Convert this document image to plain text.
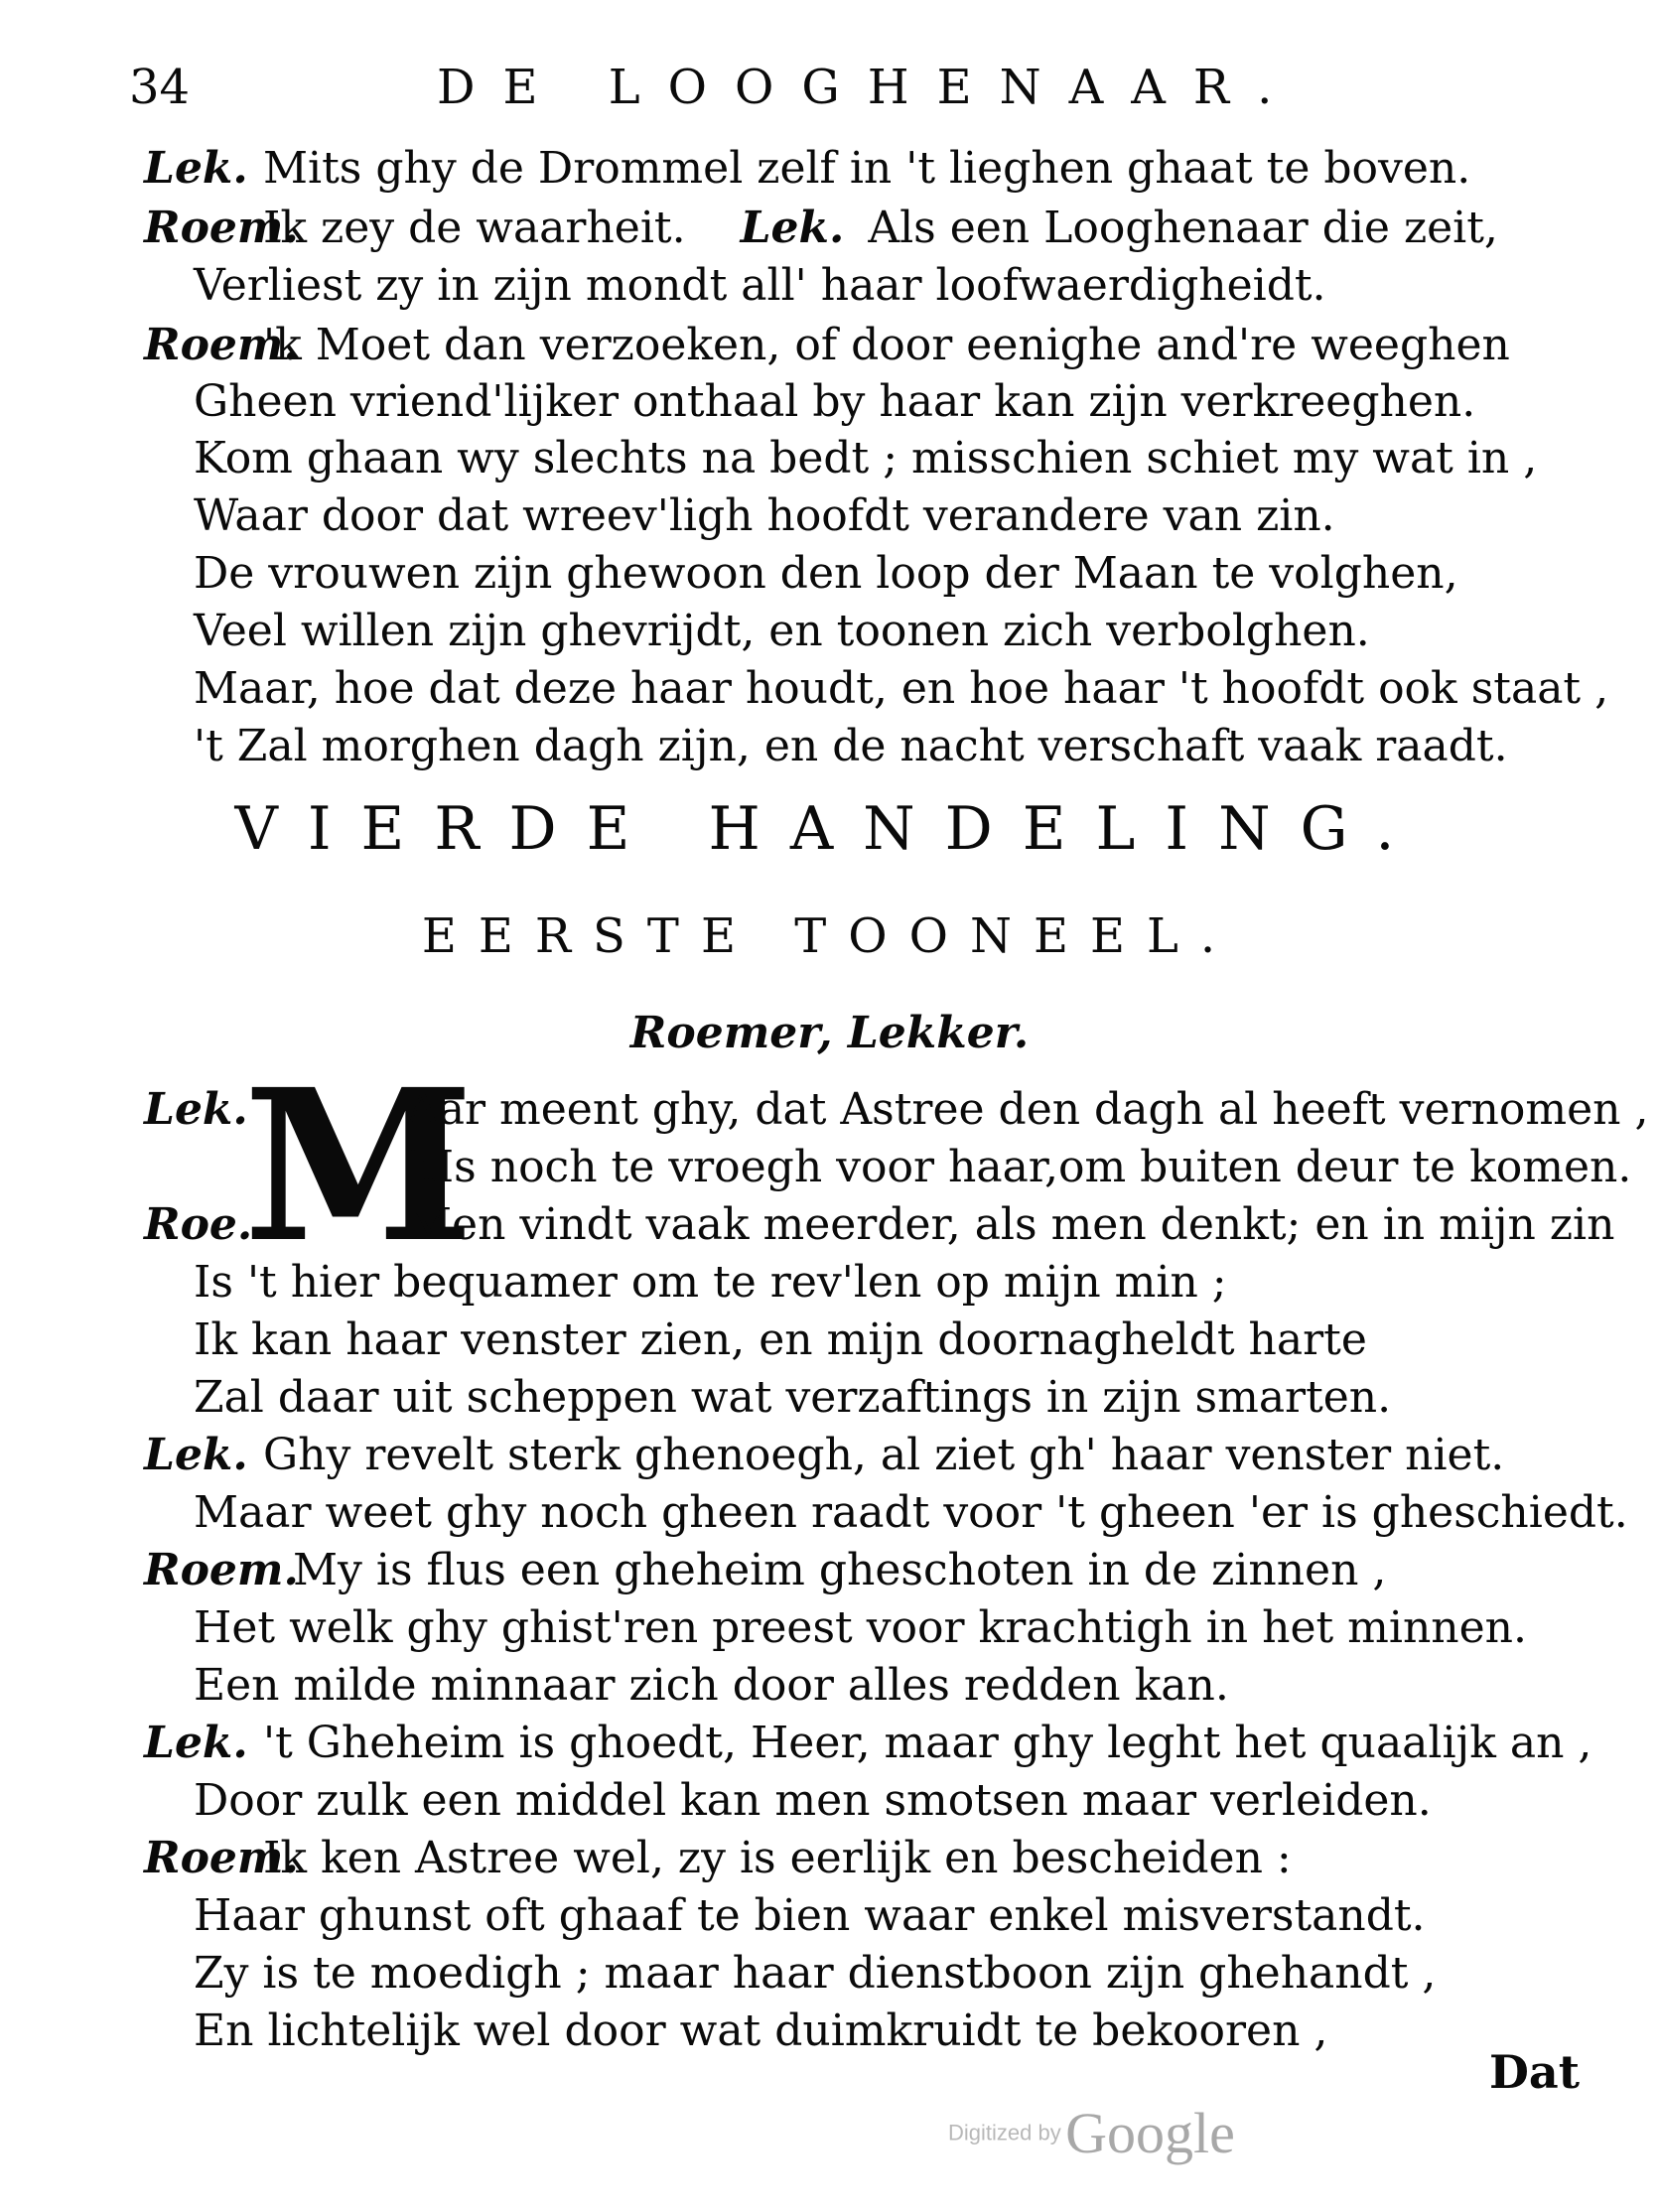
34	DE LOOGHENAAR.
Lek. Mits ghy de Drommel zelf in 't lieghen ghaat te boven.
Roem.Ik zey de waarheit. Lek. Als een Looghenaar die zeit,
Verliest zy in zijn mondt all' haar loofwaerdigheidt.
Roem.'k Moet dan verzoeken, of door eenighe and're weeghen
Gheen vriend'lijker onthaal by haar kan zijn verkreeghen.
Kom ghaan wy slechts na bedt ; misschien schiet my wat in ,
Waar door dat wreev'ligh hoofdt verandere van zin.
De vrouwen zijn ghewoon den loop der Maan te volghen,
Veel willen zijn ghevrijdt, en toonen zich verbolghen.
Maar, hoe dat deze haar houdt, en hoe haar 't hoofdt ook staat ,
't Zal morghen dagh zijn, en de nacht verschaft vaak raadt.
VIERDE HANDELING.
EERSTE TOONEEL.
Roemer, Lekker.
Lek.
M
Aar meent ghy, dat Astree den dagh al heeft vernomen ,
'tIs noch te vroegh voor haar,om buiten deur te komen.
Roe.	Men vindt vaak meerder, als men denkt; en in mijn zin
Is 't hier bequamer om te rev'len op mijn min ;
Ik kan haar venster zien, en mijn doornagheldt harte
Zal daar uit scheppen wat verzaftings in zijn smarten.
Lek. Ghy revelt sterk ghenoegh, al ziet gh' haar venster niet.
Maar weet ghy noch gheen raadt voor 't gheen 'er is gheschiedt.
Roem.My is flus een gheheim gheschoten in de zinnen ,
Het welk ghy ghist'ren preest voor krachtigh in het minnen.
Een milde minnaar zich door alles redden kan.
Lek. 't Gheheim is ghoedt, Heer, maar ghy leght het quaalijk an ,
Door zulk een middel kan men smotsen maar verleiden.
Roem.Ik ken Astree wel, zy is eerlijk en bescheiden :
Haar ghunst oft ghaaf te bien waar enkel misverstandt.
Zy is te moedigh ; maar haar dienstboon zijn ghehandt ,
En lichtelijk wel door wat duimkruidt te bekooren ,
Dat
Digitized by Google
